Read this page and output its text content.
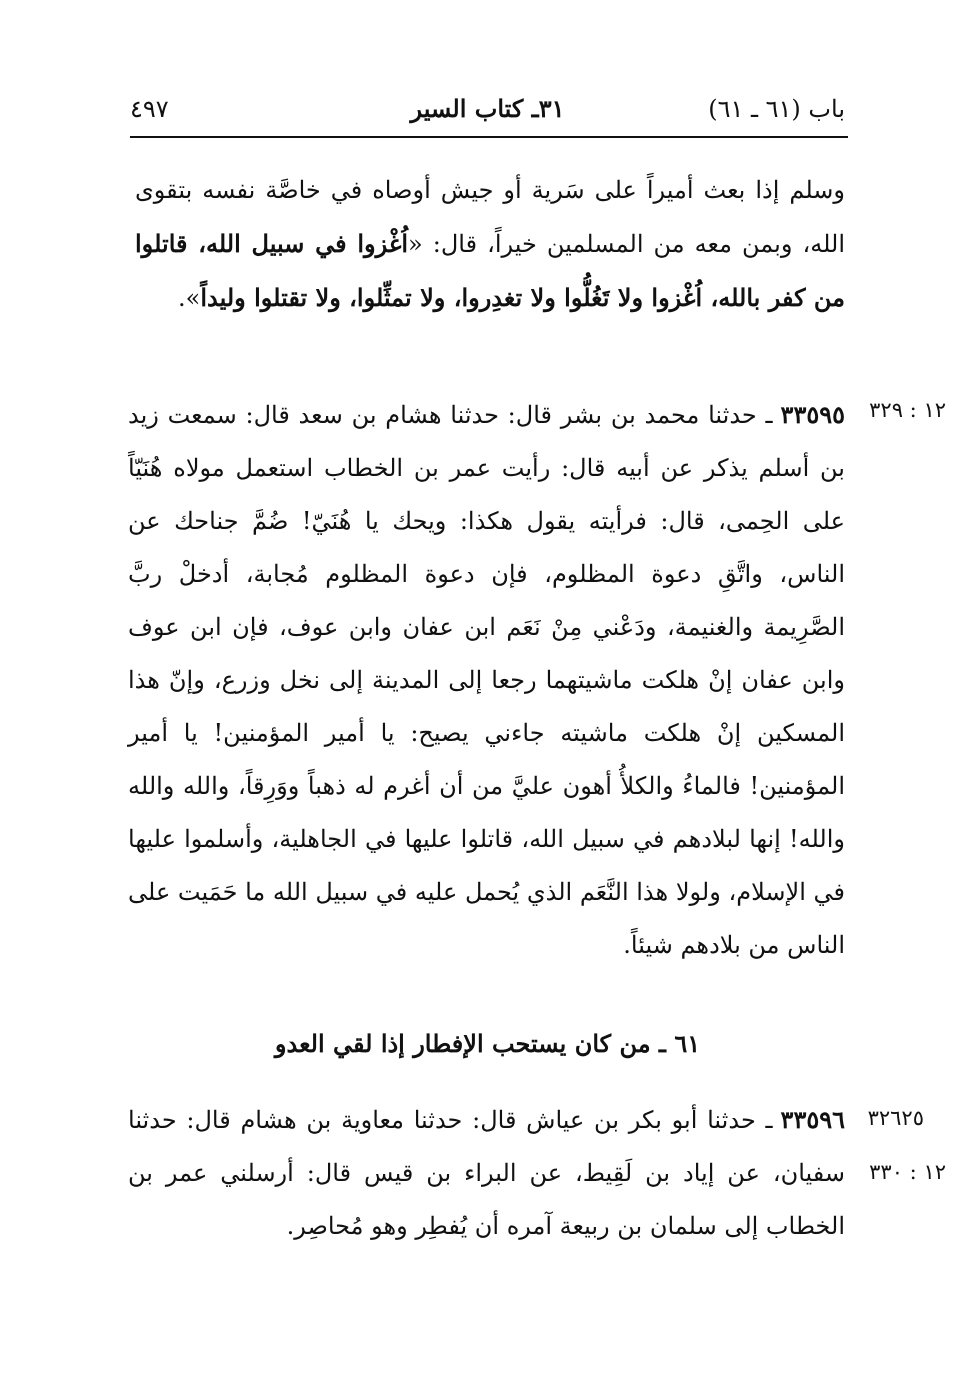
باب (٦١ ـ ٦١)
٣١ـ كتاب السير
٤٩٧

وسلم إذا بعث أميراً على سَرية أو جيش أوصاه في خاصَّة نفسه بتقوى الله، وبمن معه من المسلمين خيراً، قال: «اُغْزوا في سبيل الله، قاتلوا من كفر بالله، اُغْزوا ولا تَغُلُّوا ولا تغدِروا، ولا تمثِّلوا، ولا تقتلوا وليداً».

١٢ : ٣٢٩

٣٣٥٩٥ـ حدثنا محمد بن بشر قال: حدثنا هشام بن سعد قال: سمعت زيد بن أسلم يذكر عن أبيه قال: رأيت عمر بن الخطاب استعمل مولاه هُنَيّاً على الحِمى، قال: فرأيته يقول هكذا: ويحك يا هُنَيّ! ضُمَّ جناحك عن الناس، واتَّقِ دعوة المظلوم، فإن دعوة المظلوم مُجابة، أدخلْ ربَّ الصَّرِيمة والغنيمة، ودَعْني مِنْ نَعَم ابن عفان وابن عوف، فإن ابن عوف وابن عفان إنْ هلكت ماشيتهما رجعا إلى المدينة إلى نخل وزرع، وإنّ هذا المسكين إنْ هلكت ماشيته جاءني يصيح: يا أمير المؤمنين! يا أمير المؤمنين! فالماءُ والكلأُ أهون عليَّ من أن أغرم له ذهباً ووَرِقاً، والله والله والله! إنها لبلادهم في سبيل الله، قاتلوا عليها في الجاهلية، وأسلموا عليها في الإسلام، ولولا هذا النَّعَم الذي يُحمل عليه في سبيل الله ما حَمَيت على الناس من بلادهم شيئاً.

٦١ ـ من كان يستحب الإفطار إذا لقي العدو
٣٢٦٢٥
١٢ : ٣٣٠

٣٣٥٩٦ـ حدثنا أبو بكر بن عياش قال: حدثنا معاوية بن هشام قال: حدثنا سفيان، عن إياد بن لَقِيط، عن البراء بن قيس قال: أرسلني عمر بن الخطاب إلى سلمان بن ربيعة آمره أن يُفطِر وهو مُحاصِر.
